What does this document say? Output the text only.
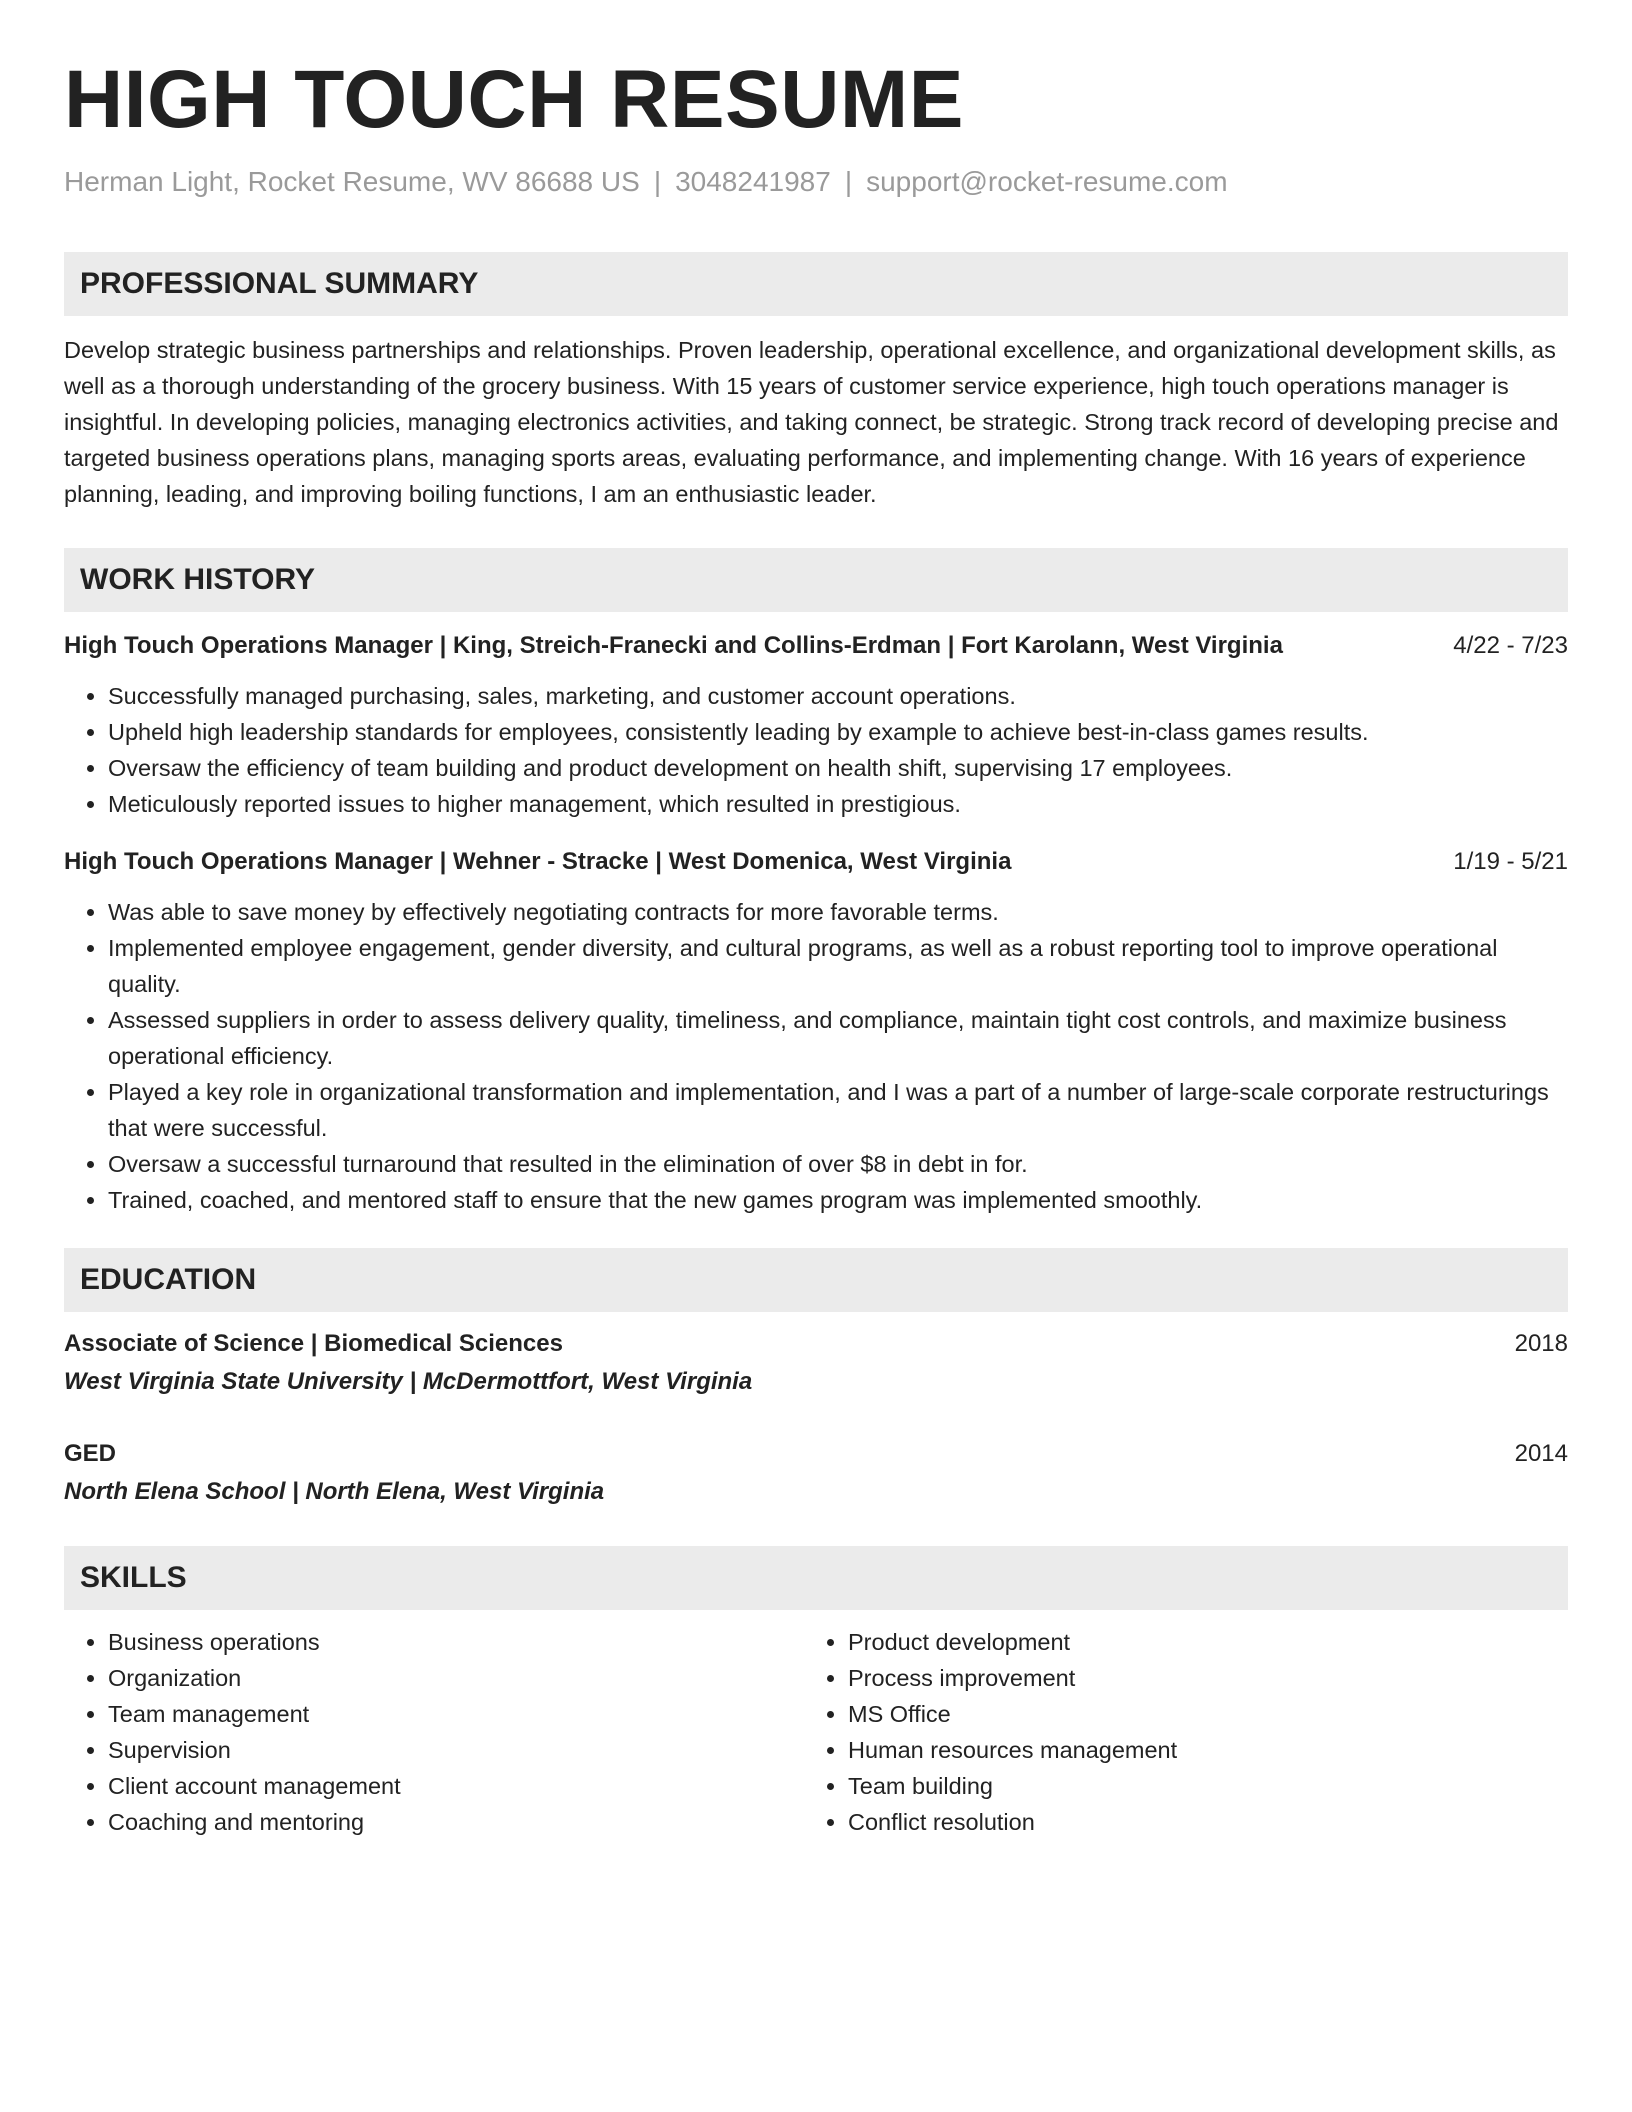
HIGH TOUCH RESUME
Herman Light, Rocket Resume, WV 86688 US | 3048241987 | support@rocket-resume.com
PROFESSIONAL SUMMARY
Develop strategic business partnerships and relationships. Proven leadership, operational excellence, and organizational development skills, as well as a thorough understanding of the grocery business. With 15 years of customer service experience, high touch operations manager is insightful. In developing policies, managing electronics activities, and taking connect, be strategic. Strong track record of developing precise and targeted business operations plans, managing sports areas, evaluating performance, and implementing change. With 16 years of experience planning, leading, and improving boiling functions, I am an enthusiastic leader.
WORK HISTORY
High Touch Operations Manager | King, Streich-Franecki and Collins-Erdman | Fort Karolann, West Virginia	4/22 - 7/23
• Successfully managed purchasing, sales, marketing, and customer account operations.
• Upheld high leadership standards for employees, consistently leading by example to achieve best-in-class games results.
• Oversaw the efficiency of team building and product development on health shift, supervising 17 employees.
• Meticulously reported issues to higher management, which resulted in prestigious.
High Touch Operations Manager | Wehner - Stracke | West Domenica, West Virginia	1/19 - 5/21
• Was able to save money by effectively negotiating contracts for more favorable terms.
• Implemented employee engagement, gender diversity, and cultural programs, as well as a robust reporting tool to improve operational quality.
• Assessed suppliers in order to assess delivery quality, timeliness, and compliance, maintain tight cost controls, and maximize business operational efficiency.
• Played a key role in organizational transformation and implementation, and I was a part of a number of large-scale corporate restructurings that were successful.
• Oversaw a successful turnaround that resulted in the elimination of over $8 in debt in for.
• Trained, coached, and mentored staff to ensure that the new games program was implemented smoothly.
EDUCATION
Associate of Science | Biomedical Sciences	2018
West Virginia State University | McDermottfort, West Virginia
GED	2014
North Elena School | North Elena, West Virginia
SKILLS
• Business operations
• Organization
• Team management
• Supervision
• Client account management
• Coaching and mentoring
• Product development
• Process improvement
• MS Office
• Human resources management
• Team building
• Conflict resolution
